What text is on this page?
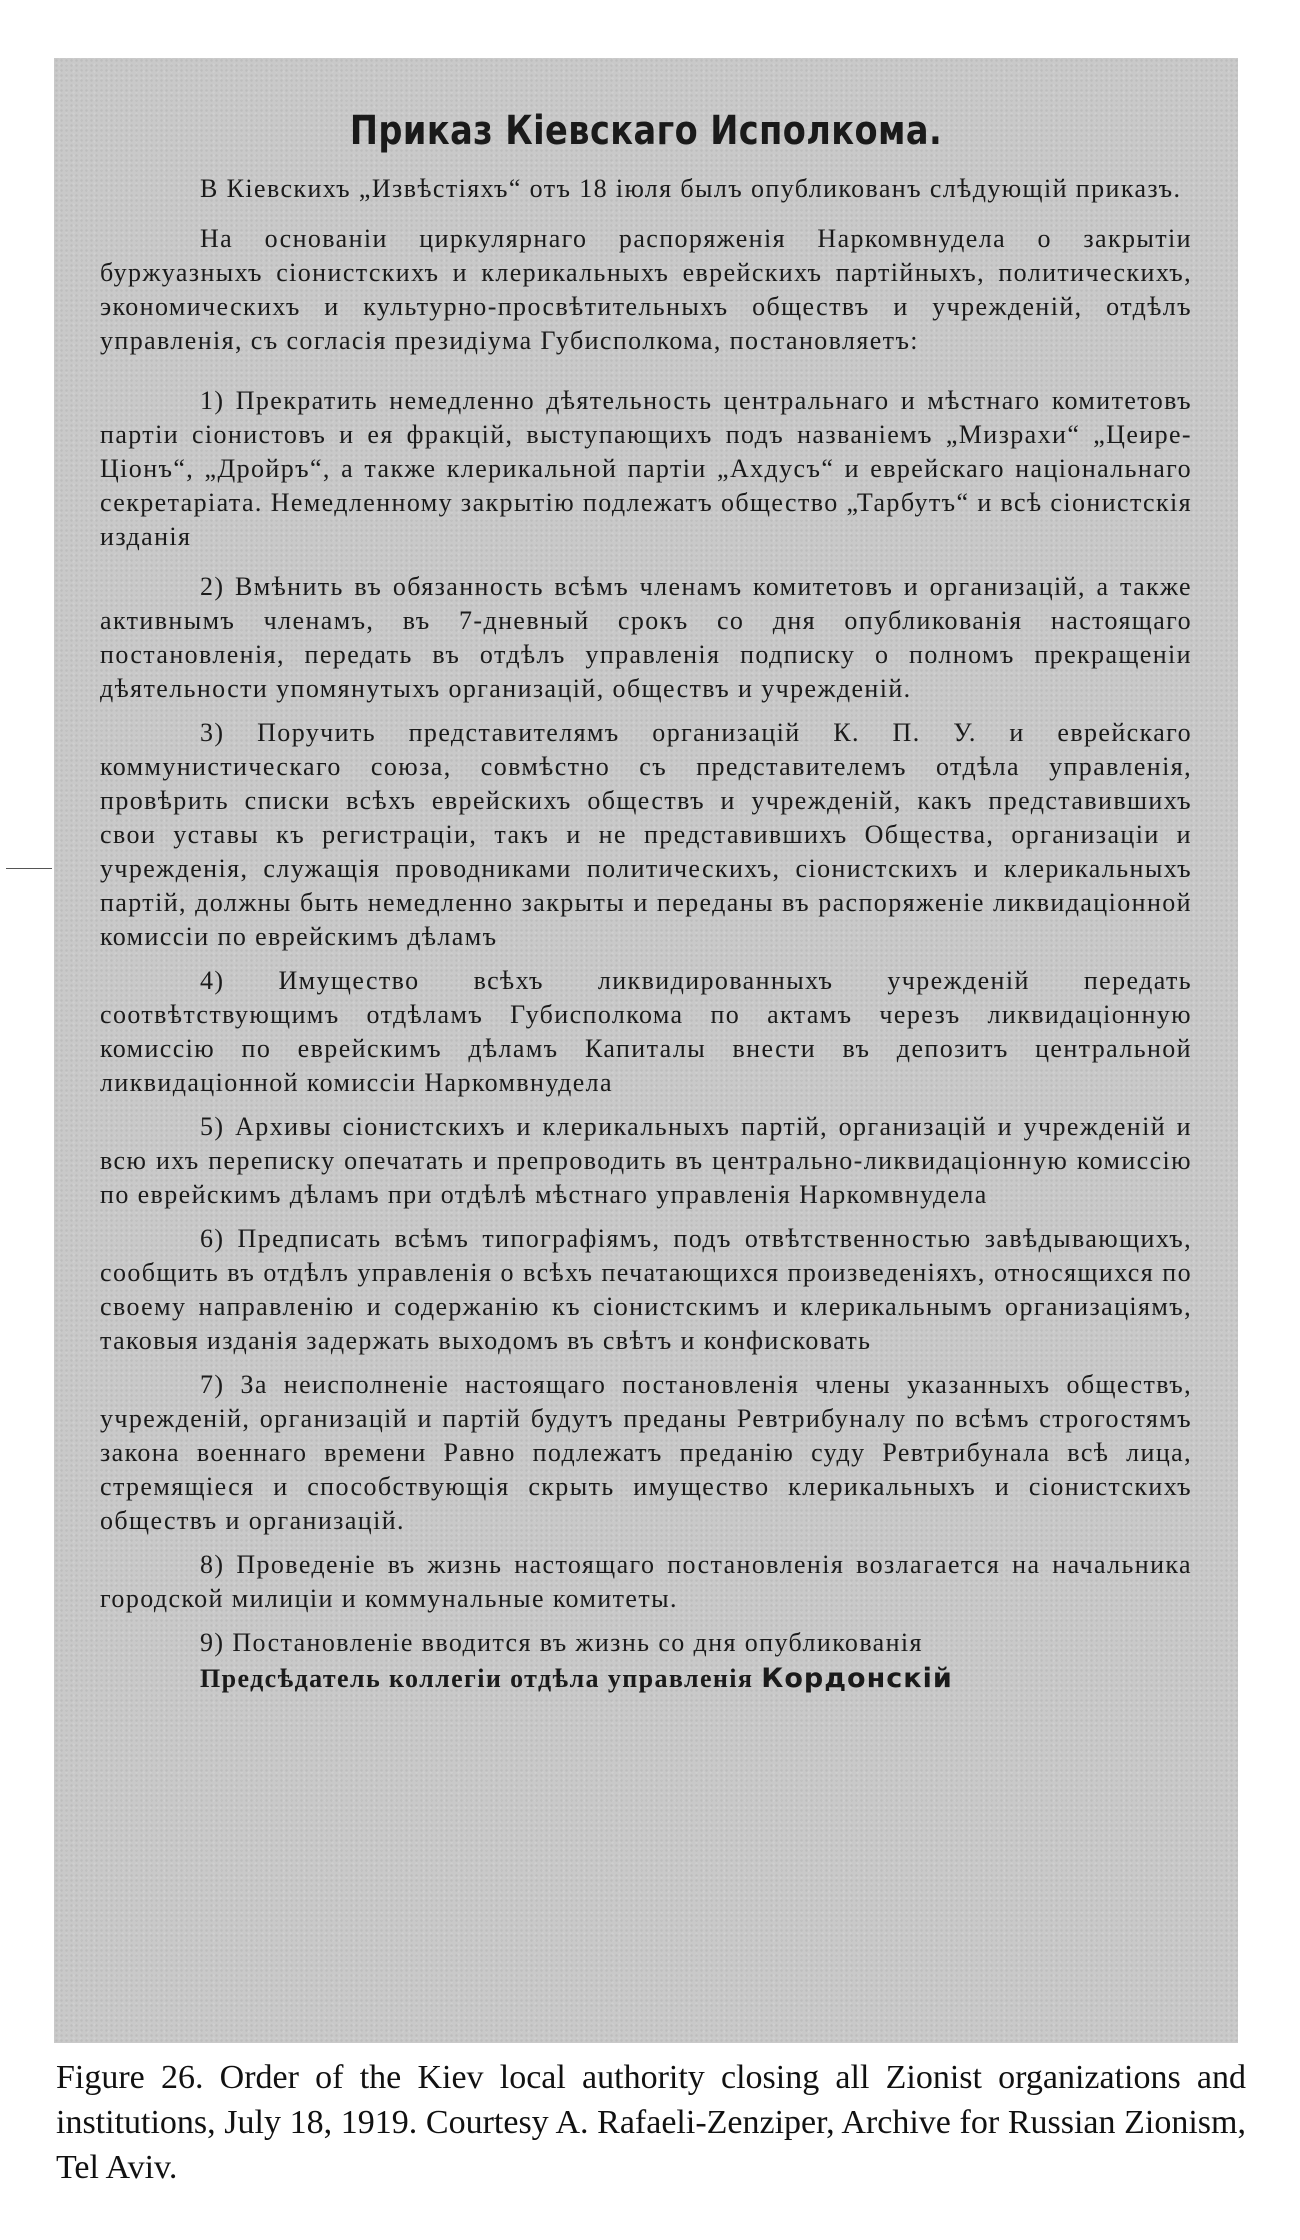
Приказ Кіевскаго Исполкома.

В Кіевскихъ „Извѣстіяхъ“ отъ 18 іюля былъ опубликованъ слѣдующій приказъ.

На основаніи циркулярнаго распоряженія Наркомвнудела о закрытіи буржуазныхъ сіонистскихъ и клерикальныхъ еврейскихъ партійныхъ, политическихъ, экономическихъ и культурно-просвѣтительныхъ обществъ и учрежденій, отдѣлъ управленія, съ согласія президіума Губисполкома, постановляетъ:

1) Прекратить немедленно дѣятельность центральнаго и мѣстнаго комитетовъ партіи сіонистовъ и ея фракцій, выступающихъ подъ названіемъ „Мизрахи“ „Цеире-Ціонъ“, „Дройръ“, а также клерикальной партіи „Ахдусъ“ и еврейскаго національнаго секретаріата. Немедленному закрытію подлежатъ общество „Тарбутъ“ и всѣ сіонистскія изданія

2) Вмѣнить въ обязанность всѣмъ членамъ комитетовъ и организацій, а также активнымъ членамъ, въ 7-дневный срокъ со дня опубликованія настоящаго постановленія, передать въ отдѣлъ управленія подписку о полномъ прекращеніи дѣятельности упомянутыхъ организацій, обществъ и учрежденій.

3) Поручить представителямъ организацій К. П. У. и еврейскаго коммунистическаго союза, совмѣстно съ представителемъ отдѣла управленія, провѣрить списки всѣхъ еврейскихъ обществъ и учрежденій, какъ представившихъ свои уставы къ регистраціи, такъ и не представившихъ Общества, организаціи и учрежденія, служащія проводниками политическихъ, сіонистскихъ и клерикальныхъ партій, должны быть немедленно закрыты и переданы въ распоряженіе ликвидаціонной комиссіи по еврейскимъ дѣламъ

4) Имущество всѣхъ ликвидированныхъ учрежденій передать соотвѣтствующимъ отдѣламъ Губисполкома по актамъ черезъ ликвидаціонную комиссію по еврейскимъ дѣламъ Капиталы внести въ депозитъ центральной ликвидаціонной комиссіи Наркомвнудела

5) Архивы сіонистскихъ и клерикальныхъ партій, организацій и учрежденій и всю ихъ переписку опечатать и препроводить въ центрально-ликвидаціонную комиссію по еврейскимъ дѣламъ при отдѣлѣ мѣстнаго управленія Наркомвнудела

6) Предписать всѣмъ типографіямъ, подъ отвѣтственностью завѣдывающихъ, сообщить въ отдѣлъ управленія о всѣхъ печатающихся произведеніяхъ, относящихся по своему направленію и содержанію къ сіонистскимъ и клерикальнымъ организаціямъ, таковыя изданія задержать выходомъ въ свѣтъ и конфисковать

7) За неисполненіе настоящаго постановленія члены указанныхъ обществъ, учрежденій, организацій и партій будутъ преданы Ревтрибуналу по всѣмъ строгостямъ закона военнаго времени Равно подлежатъ преданію суду Ревтрибунала всѣ лица, стремящіеся и способствующія скрыть имущество клерикальныхъ и сіонистскихъ обществъ и организацій.

8) Проведеніе въ жизнь настоящаго постановленія возлагается на начальника городской милиціи и коммунальные комитеты.

9) Постановленіе вводится въ жизнь со дня опубликованія

Предсѣдатель коллегіи отдѣла управленія Кордонскій
Figure 26. Order of the Kiev local authority closing all Zionist organizations and institutions, July 18, 1919. Courtesy A. Rafaeli-Zenziper, Archive for Russian Zionism, Tel Aviv.
